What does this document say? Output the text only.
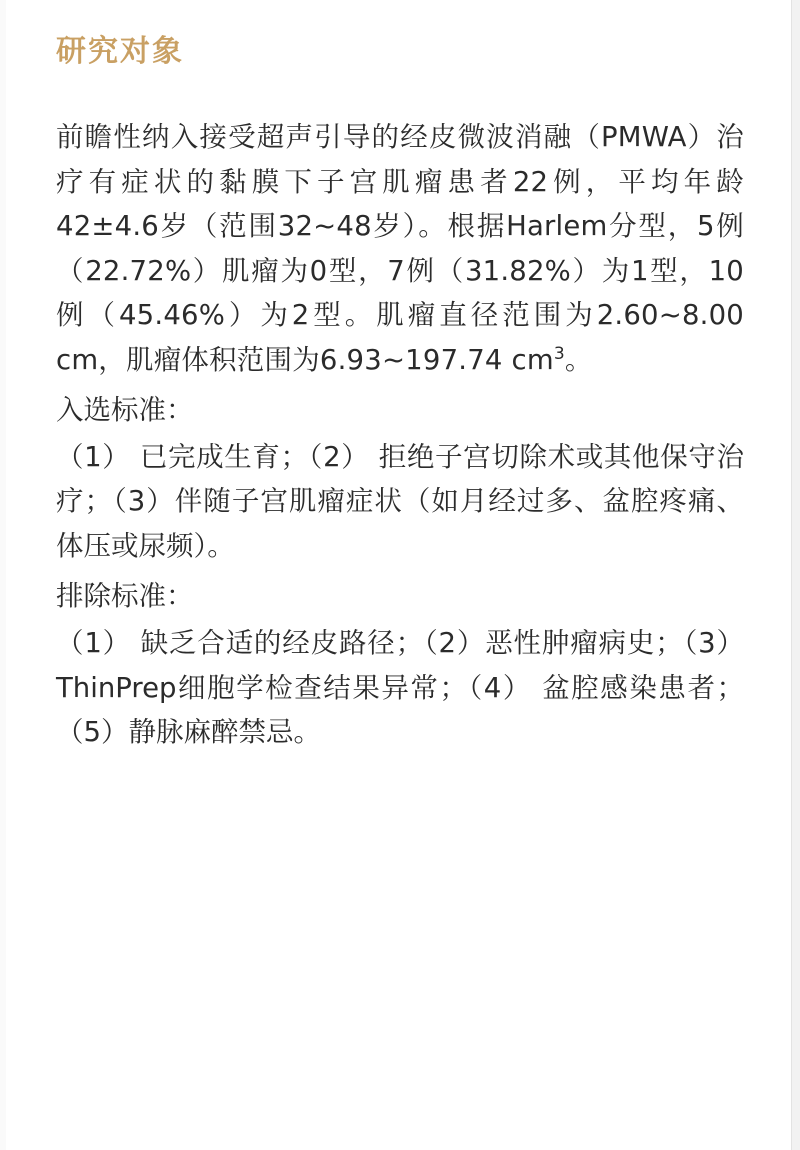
研究对象

前瞻性纳入接受超声引导的经皮微波消融（PMWA）治疗有症状的黏膜下子宫肌瘤患者22例，平均年龄42±4.6岁（范围32~48岁）。根据Harlem分型，5例（22.72%）肌瘤为0型，7例（31.82%）为1型，10例（45.46%）为2型。肌瘤直径范围为2.60~8.00 cm，肌瘤体积范围为6.93~197.74 $cm^3$。

入选标准：

（1） 已完成生育；（2） 拒绝子宫切除术或其他保守治疗；（3）伴随子宫肌瘤症状（如月经过多、盆腔疼痛、体压或尿频）。

排除标准：

（1） 缺乏合适的经皮路径；（2）恶性肿瘤病史；（3）ThinPrep细胞学检查结果异常；（4） 盆腔感染患者；（5）静脉麻醉禁忌。
